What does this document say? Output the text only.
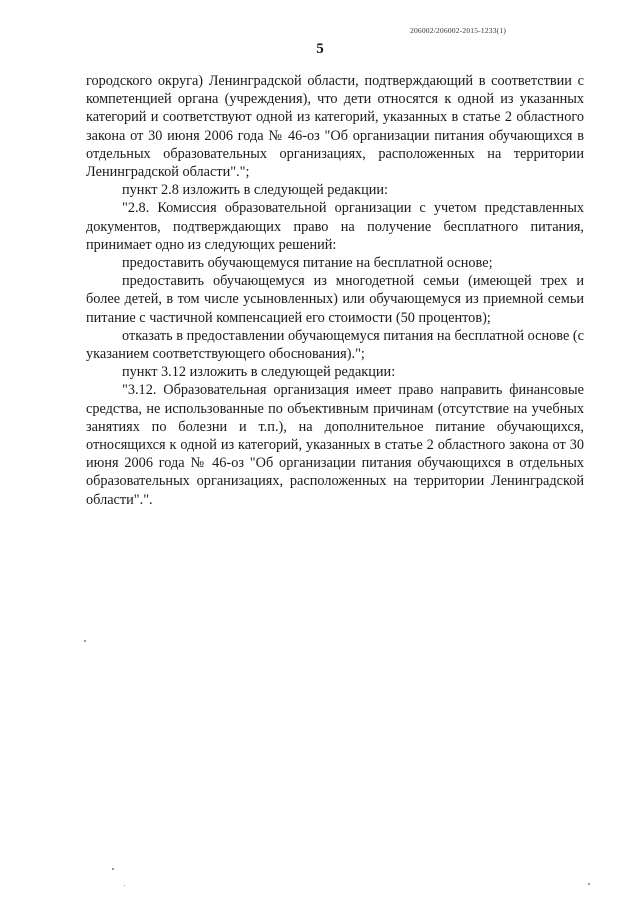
206002/206002-2015-1233(1)
5

городского округа) Ленинградской области, подтверждающий в соответствии с компетенцией органа (учреждения), что дети относятся к одной из указанных категорий и соответствуют одной из категорий, указанных в статье 2 областного закона от 30 июня 2006 года № 46-оз "Об организации питания обучающихся в отдельных образовательных организациях, расположенных на территории Ленинградской области".";

пункт 2.8 изложить в следующей редакции:

"2.8. Комиссия образовательной организации с учетом представленных документов, подтверждающих право на получение бесплатного питания, принимает одно из следующих решений:

предоставить обучающемуся питание на бесплатной основе;

предоставить обучающемуся из многодетной семьи (имеющей трех и более детей, в том числе усыновленных) или обучающемуся из приемной семьи питание с частичной компенсацией его стоимости (50 процентов);

отказать в предоставлении обучающемуся питания на бесплатной основе (с указанием соответствующего обоснования).";

пункт 3.12 изложить в следующей редакции:

"3.12. Образовательная организация имеет право направить финансовые средства, не использованные по объективным причинам (отсутствие на учебных занятиях по болезни и т.п.), на дополнительное питание обучающихся, относящихся к одной из категорий, указанных в статье 2 областного закона от 30 июня 2006 года № 46-оз "Об организации питания обучающихся в отдельных образовательных организациях, расположенных на территории Ленинградской области".".
